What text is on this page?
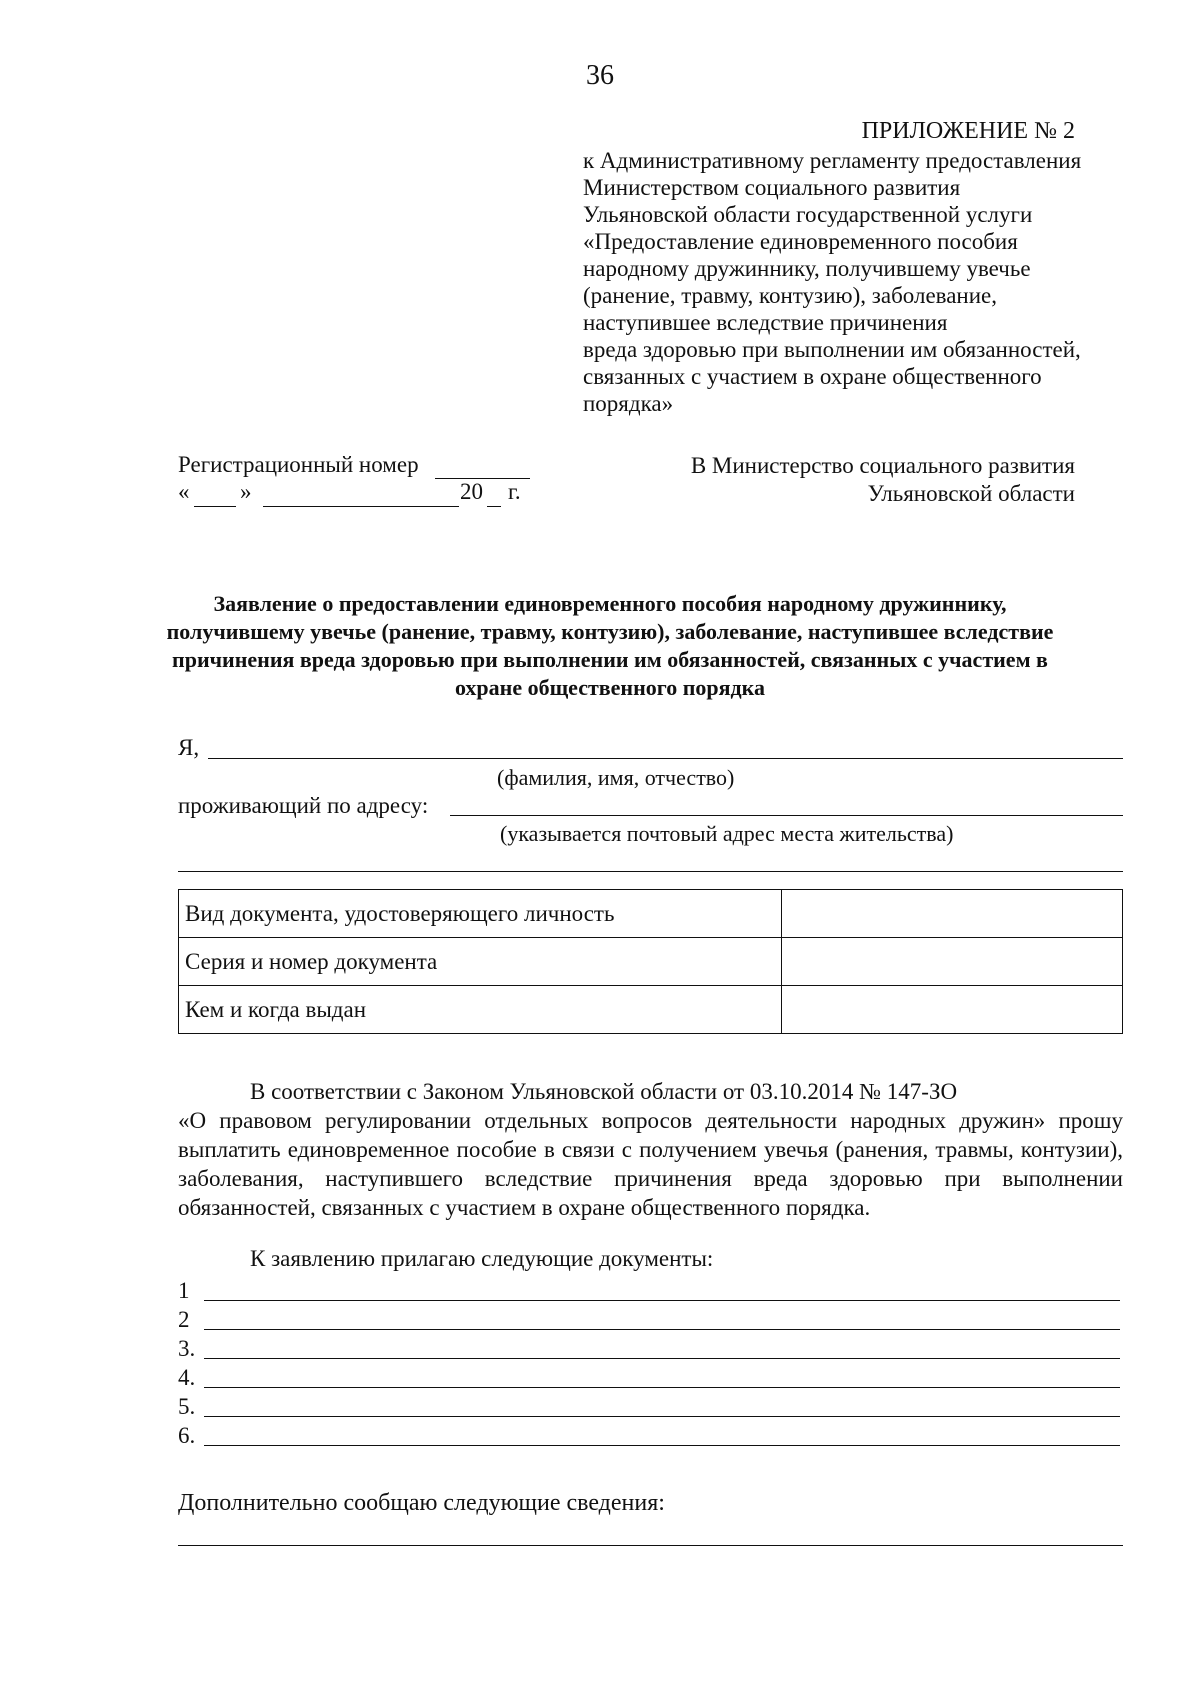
36
ПРИЛОЖЕНИЕ № 2
к Административному регламенту предоставления
Министерством социального развития
Ульяновской области государственной услуги
«Предоставление единовременного пособия
народному дружиннику, получившему увечье
(ранение, травму, контузию), заболевание,
наступившее вследствие причинения
вреда здоровью при выполнении им обязанностей,
связанных с участием в охране общественного
порядка»
Регистрационный номер
« »	20 г.
В Министерство социального развития
Ульяновской области
Заявление о предоставлении единовременного пособия народному дружиннику, получившему увечье (ранение, травму, контузию), заболевание, наступившее вследствие причинения вреда здоровью при выполнении им обязанностей, связанных с участием в охране общественного порядка
Я,
(фамилия, имя, отчество)
проживающий по адресу:
(указывается почтовый адрес места жительства)
Вид документа, удостоверяющего личность	
Серия и номер документа	
Кем и когда выдан	

В соответствии с Законом Ульяновской области от 03.10.2014 № 147-ЗО

«О правовом регулировании отдельных вопросов деятельности народных дружин» прошу выплатить единовременное пособие в связи с получением увечья (ранения, травмы, контузии), заболевания, наступившего вследствие причинения вреда здоровью при выполнении обязанностей, связанных с участием в охране общественного порядка.

К заявлению прилагаю следующие документы:
1
2
3.
4.
5.
6.
Дополнительно сообщаю следующие сведения:
